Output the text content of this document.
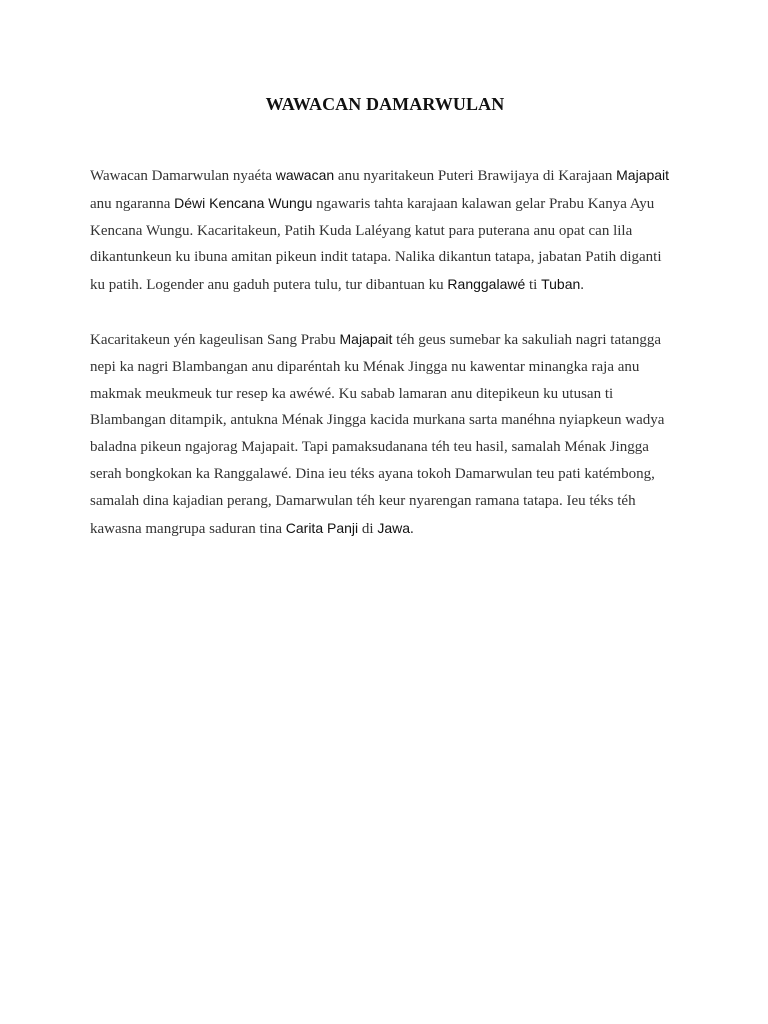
WAWACAN DAMARWULAN

Wawacan Damarwulan nyaéta wawacan anu nyaritakeun Puteri Brawijaya di Karajaan Majapait anu ngaranna Déwi Kencana Wungu ngawaris tahta karajaan kalawan gelar Prabu Kanya Ayu Kencana Wungu. Kacaritakeun, Patih Kuda Laléyang katut para puterana anu opat can lila dikantunkeun ku ibuna amitan pikeun indit tatapa. Nalika dikantun tatapa, jabatan Patih diganti ku patih. Logender anu gaduh putera tulu, tur dibantuan ku Ranggalawé ti Tuban.

Kacaritakeun yén kageulisan Sang Prabu Majapait téh geus sumebar ka sakuliah nagri tatangga nepi ka nagri Blambangan anu diparéntah ku Ménak Jingga nu kawentar minangka raja anu makmak meukmeuk tur resep ka awéwé. Ku sabab lamaran anu ditepikeun ku utusan ti Blambangan ditampik, antukna Ménak Jingga kacida murkana sarta manéhna nyiapkeun wadya baladna pikeun ngajorag Majapait. Tapi pamaksudanana téh teu hasil, samalah Ménak Jingga serah bongkokan ka Ranggalawé. Dina ieu téks ayana tokoh Damarwulan teu pati katémbong, samalah dina kajadian perang, Damarwulan téh keur nyarengan ramana tatapa. Ieu téks téh kawasna mangrupa saduran tina Carita Panji di Jawa.
